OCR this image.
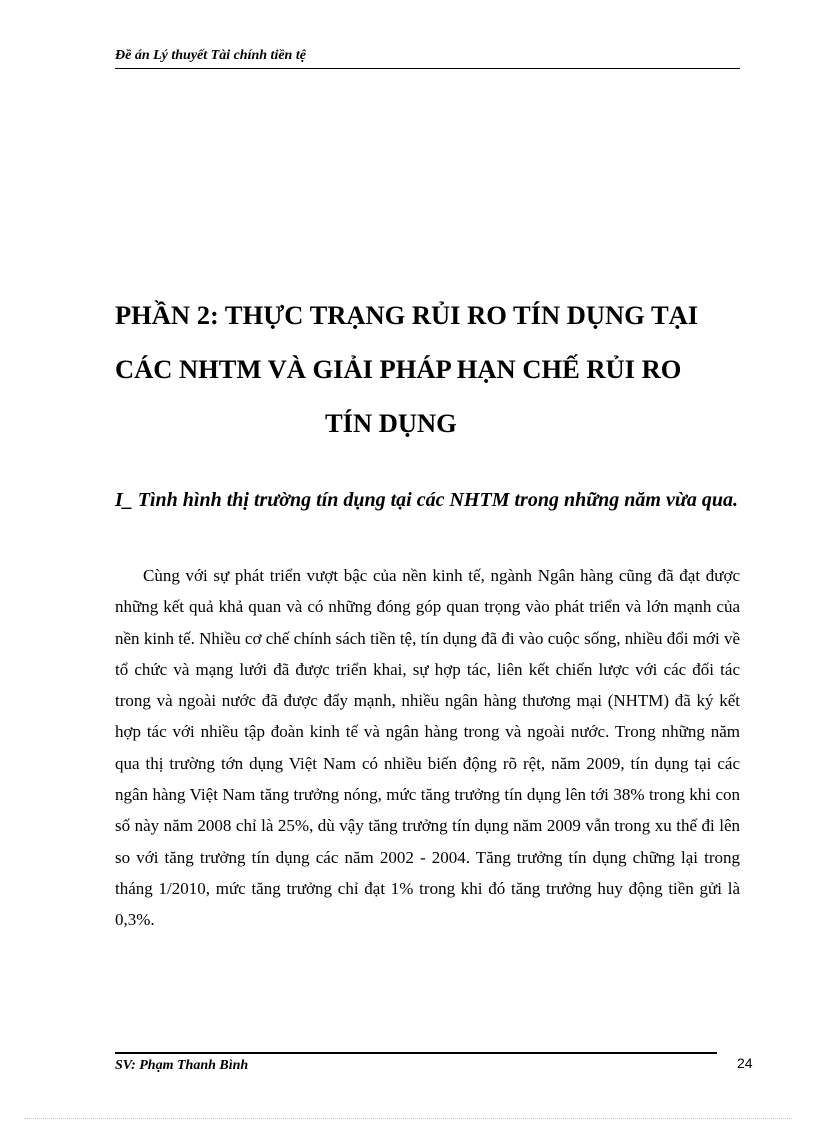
Đề án Lý thuyết Tài chính tiền tệ
PHẦN 2: THỰC TRẠNG RỦI RO TÍN DỤNG TẠI
CÁC NHTM VÀ GIẢI PHÁP HẠN CHẾ RỦI RO
TÍN DỤNG
I_ Tình hình thị trường tín dụng tại các NHTM trong những năm vừa qua.

Cùng với sự phát triển vượt bậc của nền kinh tế, ngành Ngân hàng cũng đã đạt được những kết quả khả quan và có những đóng góp quan trọng vào phát triển và lớn mạnh của nền kinh tế. Nhiều cơ chế chính sách tiền tệ, tín dụng đã đi vào cuộc sống, nhiều đổi mới về tổ chức và mạng lưới đã được triển khai, sự hợp tác, liên kết chiến lược với các đối tác trong và ngoài nước đã được đẩy mạnh, nhiều ngân hàng thương mại (NHTM) đã ký kết hợp tác với nhiều tập đoàn kinh tế và ngân hàng trong và ngoài nước. Trong những năm qua thị trường tớn dụng Việt Nam có nhiều biến động rõ rệt, năm 2009, tín dụng tại các ngân hàng Việt Nam tăng trưởng nóng, mức tăng trưởng tín dụng lên tới 38% trong khi con số này năm 2008 chỉ là 25%, dù vậy tăng trưởng tín dụng năm 2009 vẫn trong xu thế đi lên so với tăng trưởng tín dụng các năm 2002 - 2004. Tăng trưởng tín dụng chững lại trong tháng 1/2010, mức tăng trưởng chỉ đạt 1% trong khi đó tăng trưởng huy động tiền gửi là 0,3%.

SV: Phạm Thanh Bình	24
